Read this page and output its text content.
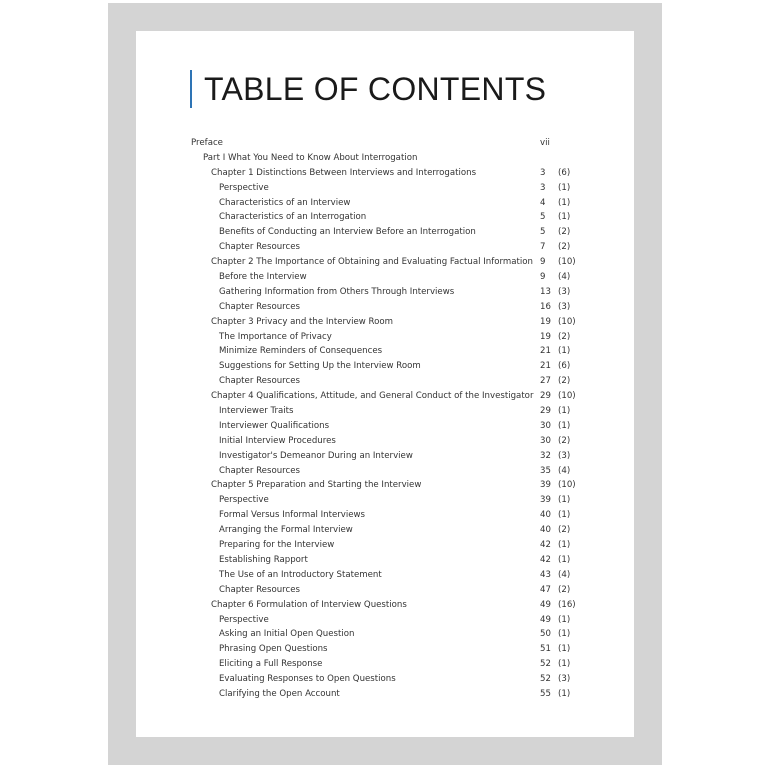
TABLE OF CONTENTS
Preface	vii
Part I What You Need to Know About Interrogation
Chapter 1 Distinctions Between Interviews and Interrogations	3 (6)
Perspective	3 (1)
Characteristics of an Interview	4 (1)
Characteristics of an Interrogation	5 (1)
Benefits of Conducting an Interview Before an Interrogation	5 (2)
Chapter Resources	7 (2)
Chapter 2 The Importance of Obtaining and Evaluating Factual Information 9 (10)
Before the Interview	9 (4)
Gathering Information from Others Through Interviews	13 (3)
Chapter Resources	16 (3)
Chapter 3 Privacy and the Interview Room	19 (10)
The Importance of Privacy	19 (2)
Minimize Reminders of Consequences	21 (1)
Suggestions for Setting Up the Interview Room	21 (6)
Chapter Resources	27 (2)
Chapter 4 Qualifications, Attitude, and General Conduct of the Investigator 29 (10)
Interviewer Traits	29 (1)
Interviewer Qualifications	30 (1)
Initial Interview Procedures	30 (2)
Investigator's Demeanor During an Interview	32 (3)
Chapter Resources	35 (4)
Chapter 5 Preparation and Starting the Interview	39 (10)
Perspective	39 (1)
Formal Versus Informal Interviews	40 (1)
Arranging the Formal Interview	40 (2)
Preparing for the Interview	42 (1)
Establishing Rapport	42 (1)
The Use of an Introductory Statement	43 (4)
Chapter Resources	47 (2)
Chapter 6 Formulation of Interview Questions	49 (16)
Perspective	49 (1)
Asking an Initial Open Question	50 (1)
Phrasing Open Questions	51 (1)
Eliciting a Full Response	52 (1)
Evaluating Responses to Open Questions	52 (3)
Clarifying the Open Account	55 (1)
